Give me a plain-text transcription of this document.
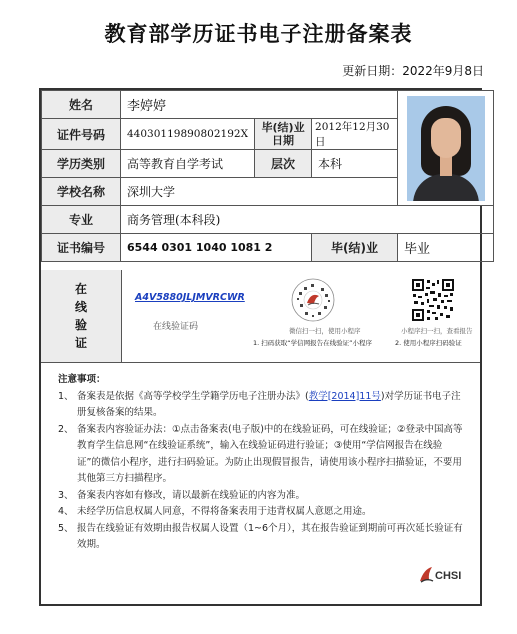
教育部学历证书电子注册备案表
更新日期：2022年9月8日
姓名	李婷婷			

证件号码	44030119890802192X	毕(结)业日期	2012年12月30日	
学历类别	高等教育自学考试	层次	本科	
学校名称	深圳大学			
专业	商务管理(本科段)			
证书编号	6544 0301 1040 1081 2		毕(结)业	毕业
在
线
验
证
A4V5880JLJMVRCWR
在线验证码	微信扫一扫，使用小程序
1. 扫码获取“学信网报告在线验证”小程序
小程序扫一扫，查看报告
2. 使用小程序扫码验证
注意事项：
1、 备案表是依据《高等学校学生学籍学历电子注册办法》(教学[2014]11号)对学历证书电子注册复核备案的结果。
2、 备案表内容验证办法：①点击备案表(电子版)中的在线验证码，可在线验证；②登录中国高等教育学生信息网“在线验证系统”，输入在线验证码进行验证；③使用“学信网报告在线验证”的微信小程序，进行扫码验证。为防止出现假冒报告，请使用该小程序扫描验证，不要用其他第三方扫描程序。
3、 备案表内容如有修改，请以最新在线验证的内容为准。
4、 未经学历信息权属人同意，不得将备案表用于违背权属人意愿之用途。
5、 报告在线验证有效期由报告权属人设置（1~6个月），其在报告验证到期前可再次延长验证有效期。
CHSI
